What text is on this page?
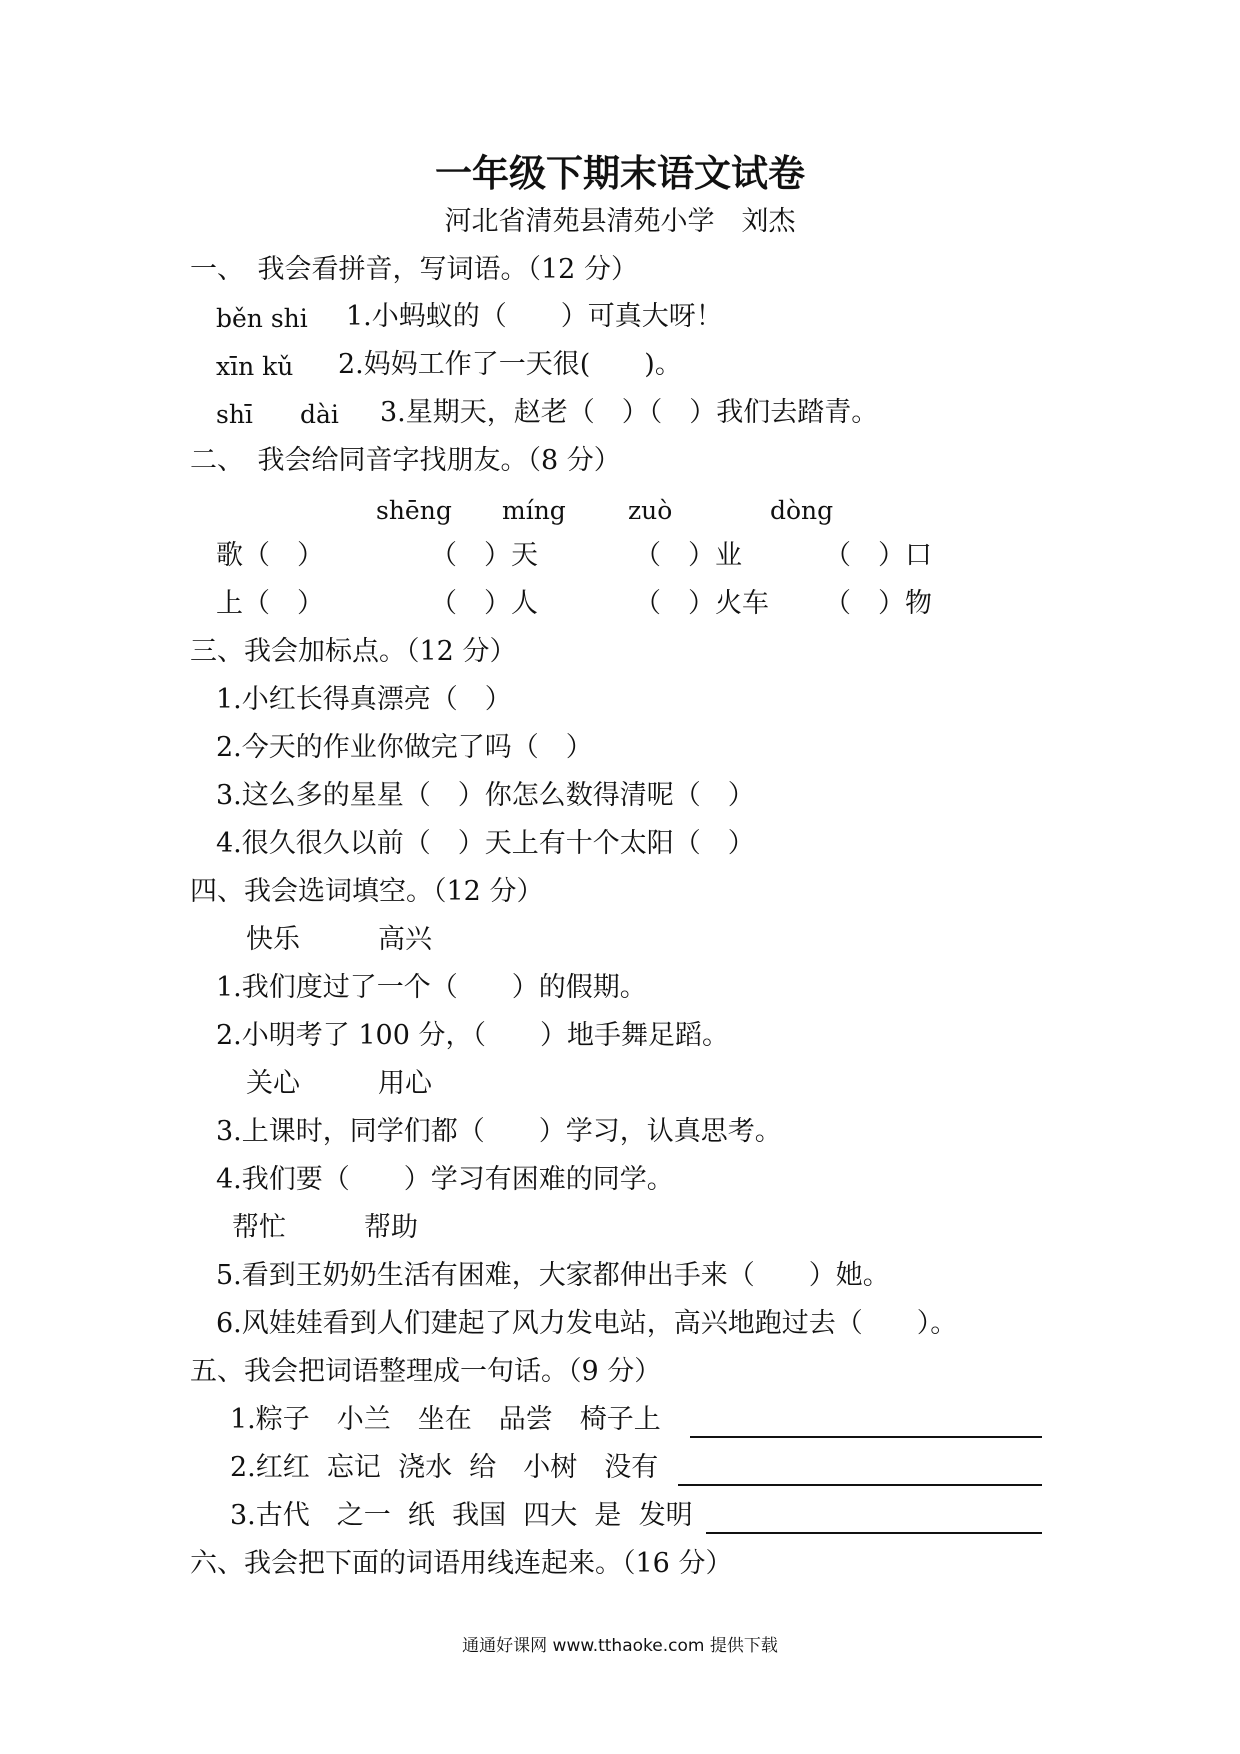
一年级下期末语文试卷
河北省清苑县清苑小学　刘杰
一、　我会看拼音，写词语。（12 分）
běn shi 1.小蚂蚁的（　　）可真大呀！
xīn kǔ 2.妈妈工作了一天很(　　)。
shī dài 3.星期天，赵老（　）（　）我们去踏青。
二、　我会给同音字找朋友。（8 分）
shēng míng zuò	dòng
歌（　）	（　）天	（　）业	（　）口
上（　）	（　）人	（　）火车 （　）物
三、我会加标点。（12 分）
1.小红长得真漂亮（　）
2.今天的作业你做完了吗（　）
3.这么多的星星（　）你怎么数得清呢（　）
4.很久很久以前（　）天上有十个太阳（　）
四、我会选词填空。（12 分）
快乐	高兴
1.我们度过了一个（　　）的假期。
2.小明考了 100 分，（　　）地手舞足蹈。
关心	用心
3.上课时，同学们都（　　）学习，认真思考。
4.我们要（　　）学习有困难的同学。
帮忙	帮助
5.看到王奶奶生活有困难，大家都伸出手来（　　）她。
6.风娃娃看到人们建起了风力发电站，高兴地跑过去（　　）。
五、我会把词语整理成一句话。（9 分）
1.粽子　小兰　坐在　品尝　椅子上
2.红红  忘记  浇水  给　小树　没有
3.古代　之一  纸  我国  四大  是  发明
六、我会把下面的词语用线连起来。（16 分）
通通好课网 www.tthaoke.com 提供下载
